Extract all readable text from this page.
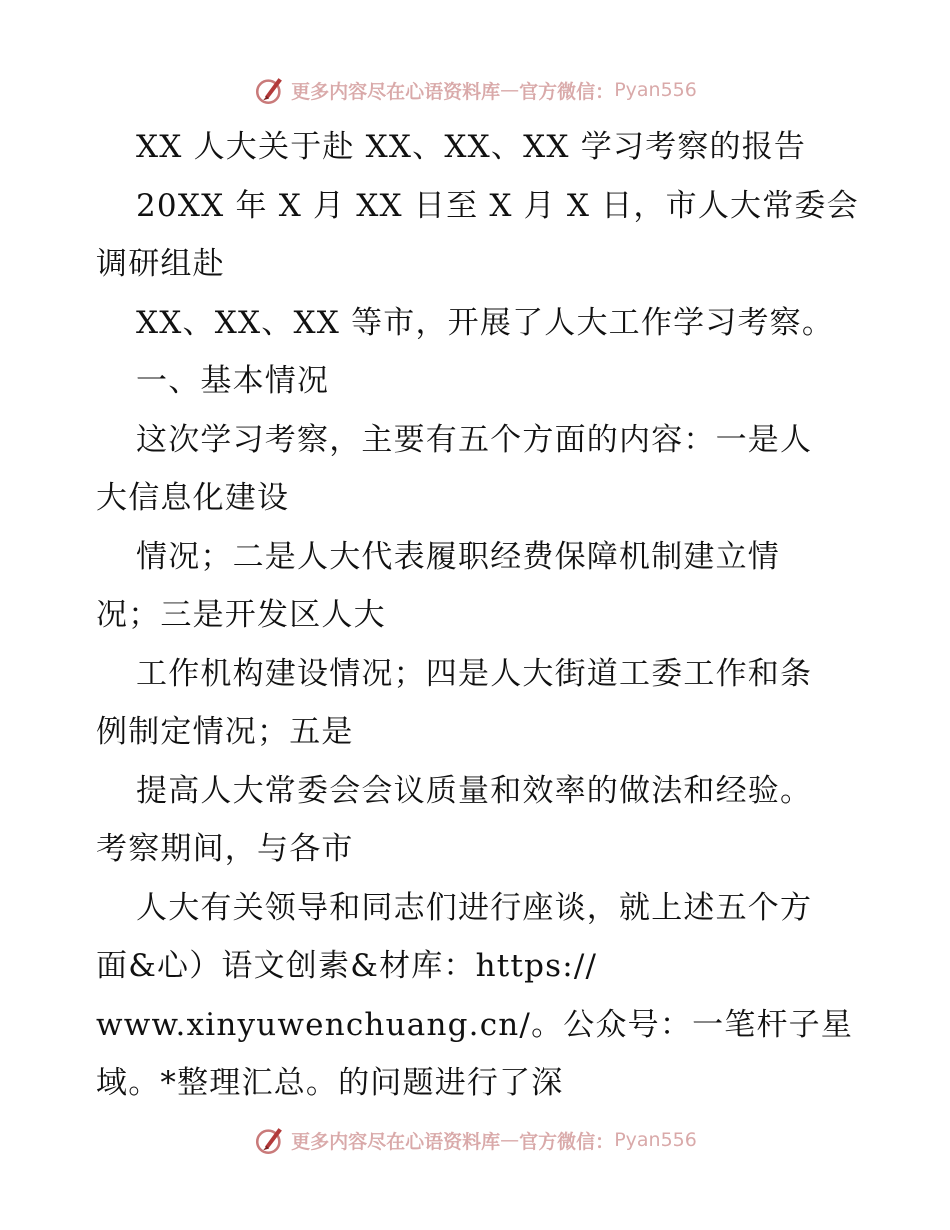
更多内容尽在心语资料库 — 官方微信： Pyan556
XX 人大关于赴 XX、XX、XX 学习考察的报告
20XX 年 X 月 XX 日至 X 月 X 日，市人大常委会
调研组赴
XX、XX、XX 等市，开展了人大工作学习考察。
一、基本情况
这次学习考察，主要有五个方面的内容：一是人
大信息化建设
情况；二是人大代表履职经费保障机制建立情
况；三是开发区人大
工作机构建设情况；四是人大街道工委工作和条
例制定情况；五是
提高人大常委会会议质量和效率的做法和经验。
考察期间，与各市
人大有关领导和同志们进行座谈，就上述五个方
面&心）语文创素&材库：https://
www.xinyuwenchuang.cn/。公众号：一笔杆子星
域。*整理汇总。的问题进行了深
更多内容尽在心语资料库 — 官方微信： Pyan556
